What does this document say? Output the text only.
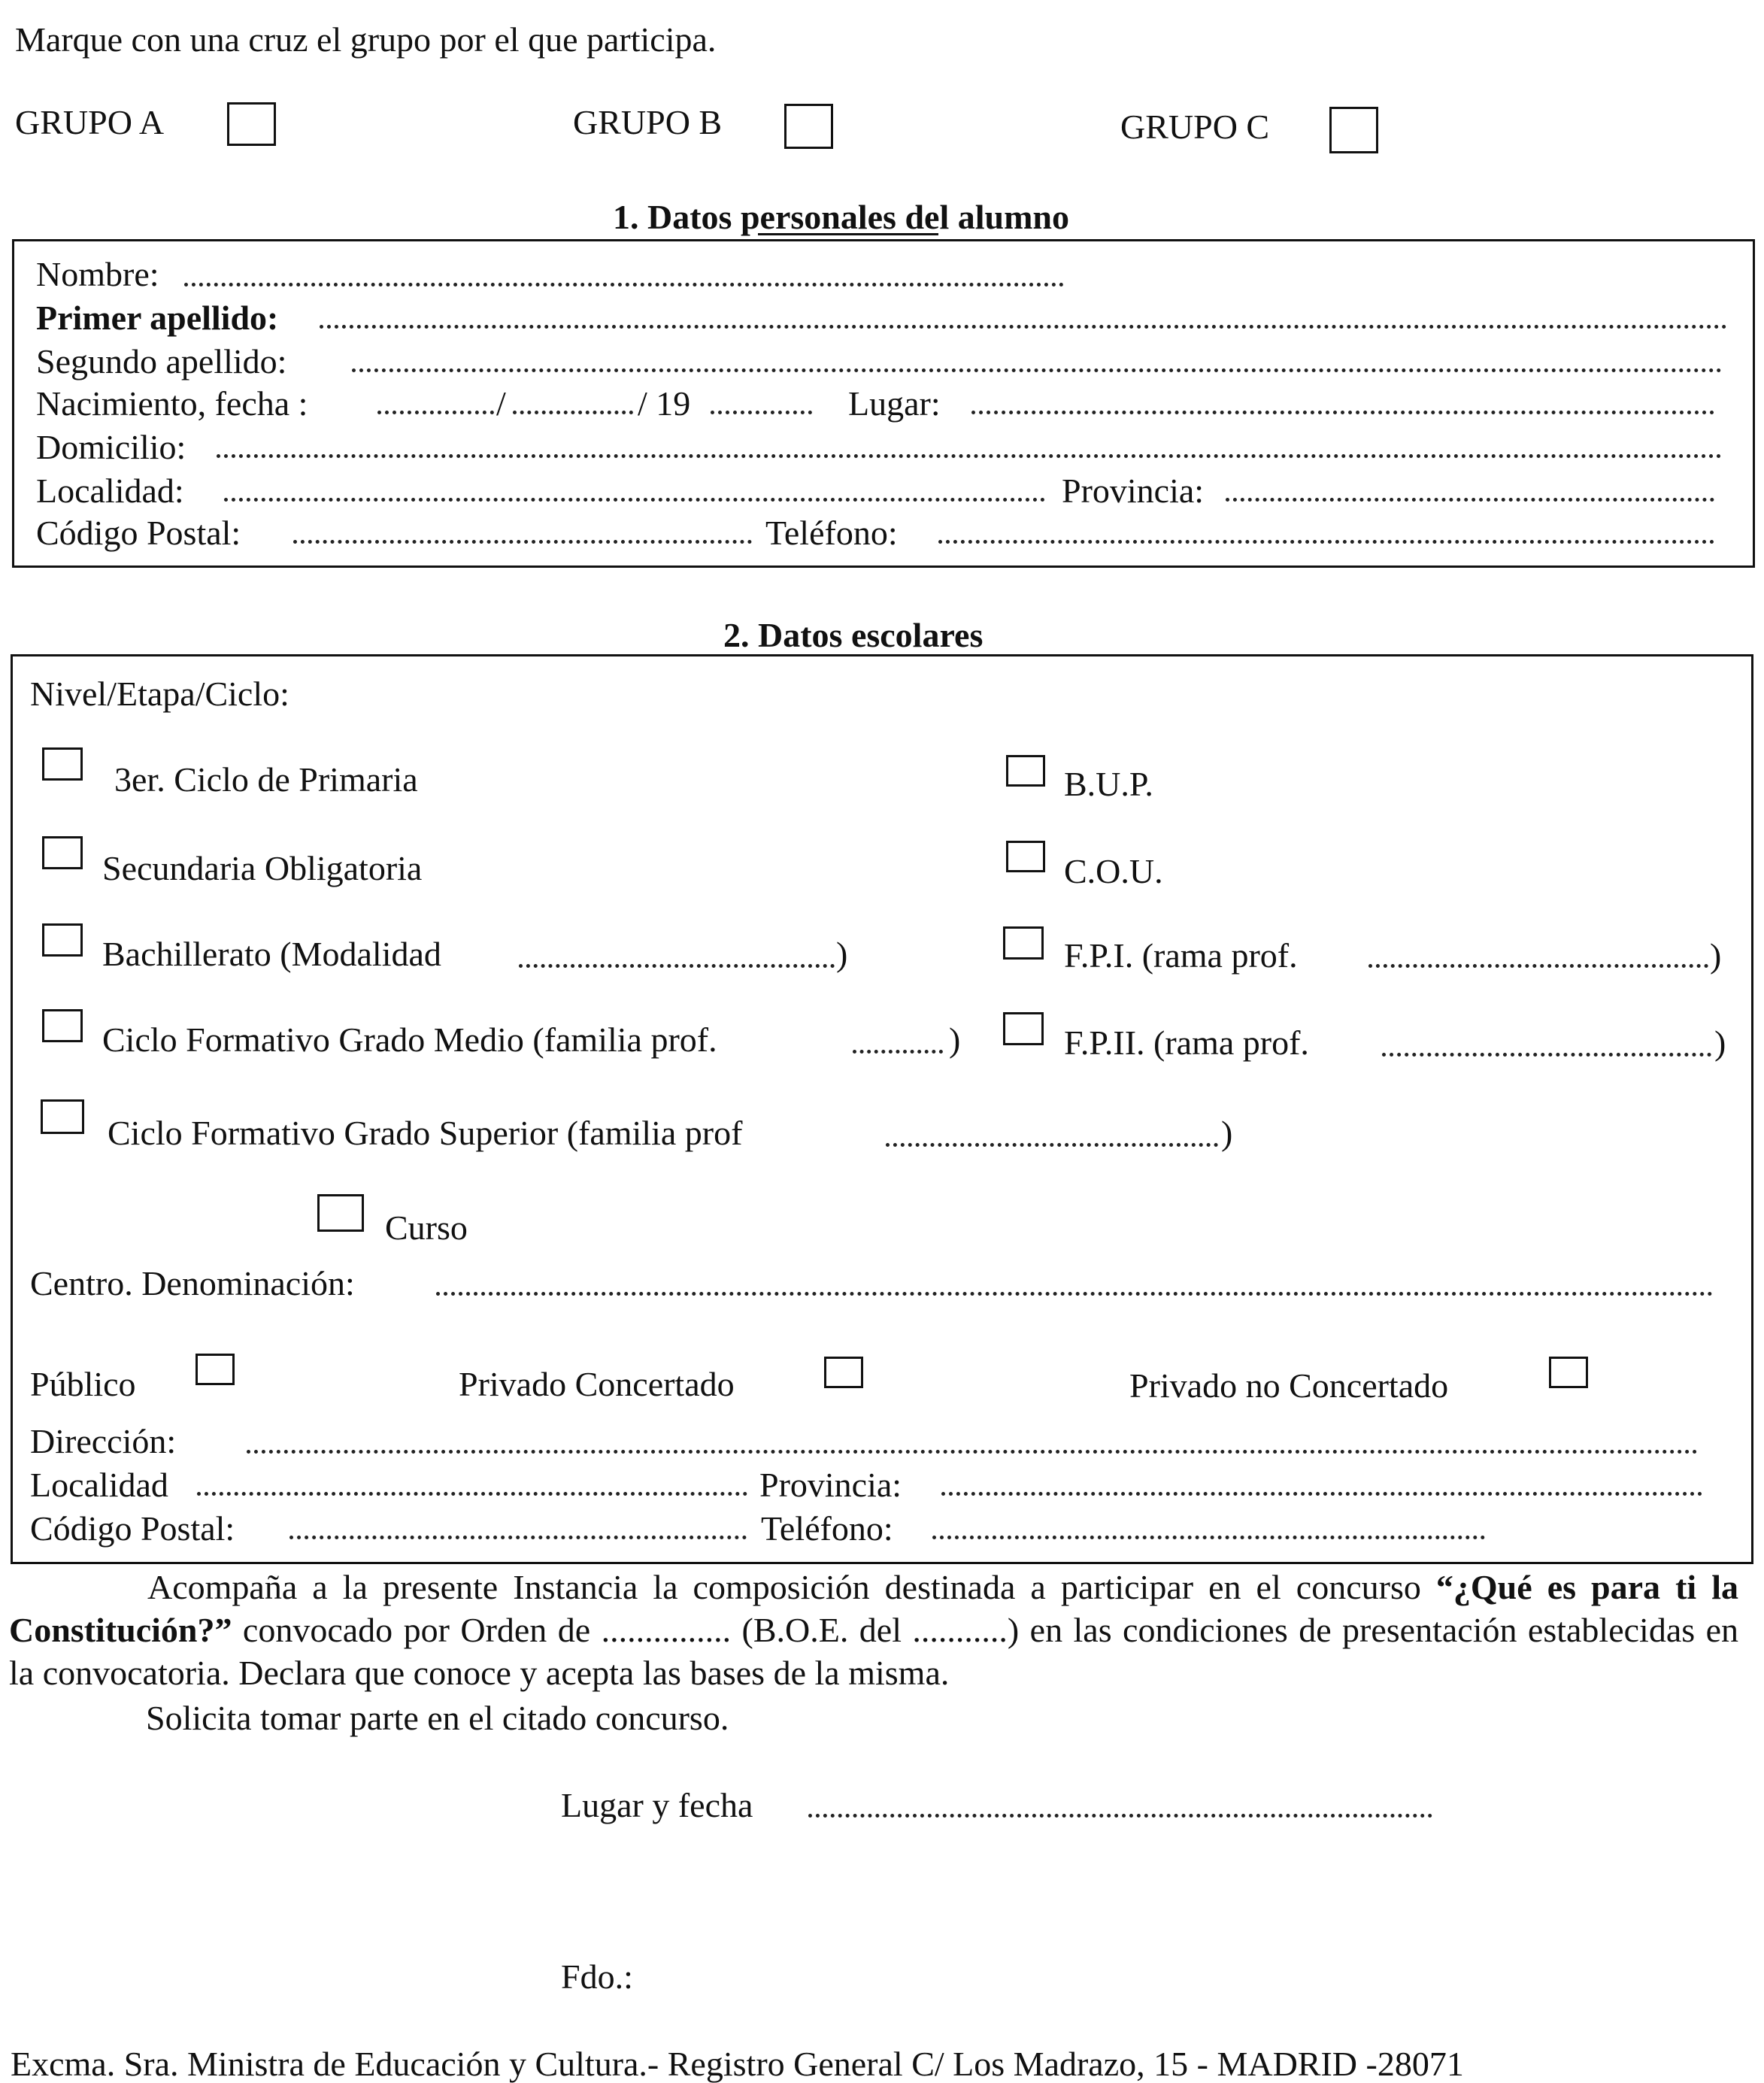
Marque con una cruz el grupo por el que participa.
GRUPO A	GRUPO B	GRUPO C
1. Datos personales del alumno
Nombre:
Primer apellido:
Segundo apellido:
Nacimiento, fecha :	/	/ 19	Lugar:
Domicilio:
Localidad:	Provincia:
Código Postal:	Teléfono:
2. Datos escolares
Nivel/Etapa/Ciclo:
3er. Ciclo de Primaria	B.U.P.
Secundaria Obligatoria	C.O.U.
Bachillerato (Modalidad	)	F.P.I. (rama prof.	)
Ciclo Formativo Grado Medio (familia prof.	)	F.P.II. (rama prof.	)
Ciclo Formativo Grado Superior (familia prof	)
Curso
Centro. Denominación:
Público	Privado Concertado	Privado no Concertado
Dirección:
Localidad	Provincia:
Código Postal:	Teléfono:
Acompaña a la presente Instancia la composición destinada a participar en el concurso “¿Qué es para ti la Constitución?” convocado por Orden de ............... (B.O.E. del ...........) en las condiciones de presentación establecidas en la convocatoria. Declara que conoce y acepta las bases de la misma.
Solicita tomar parte en el citado concurso.
Lugar y fecha
Fdo.:
Excma. Sra. Ministra de Educación y Cultura.- Registro General C/ Los Madrazo, 15 - MADRID -28071
